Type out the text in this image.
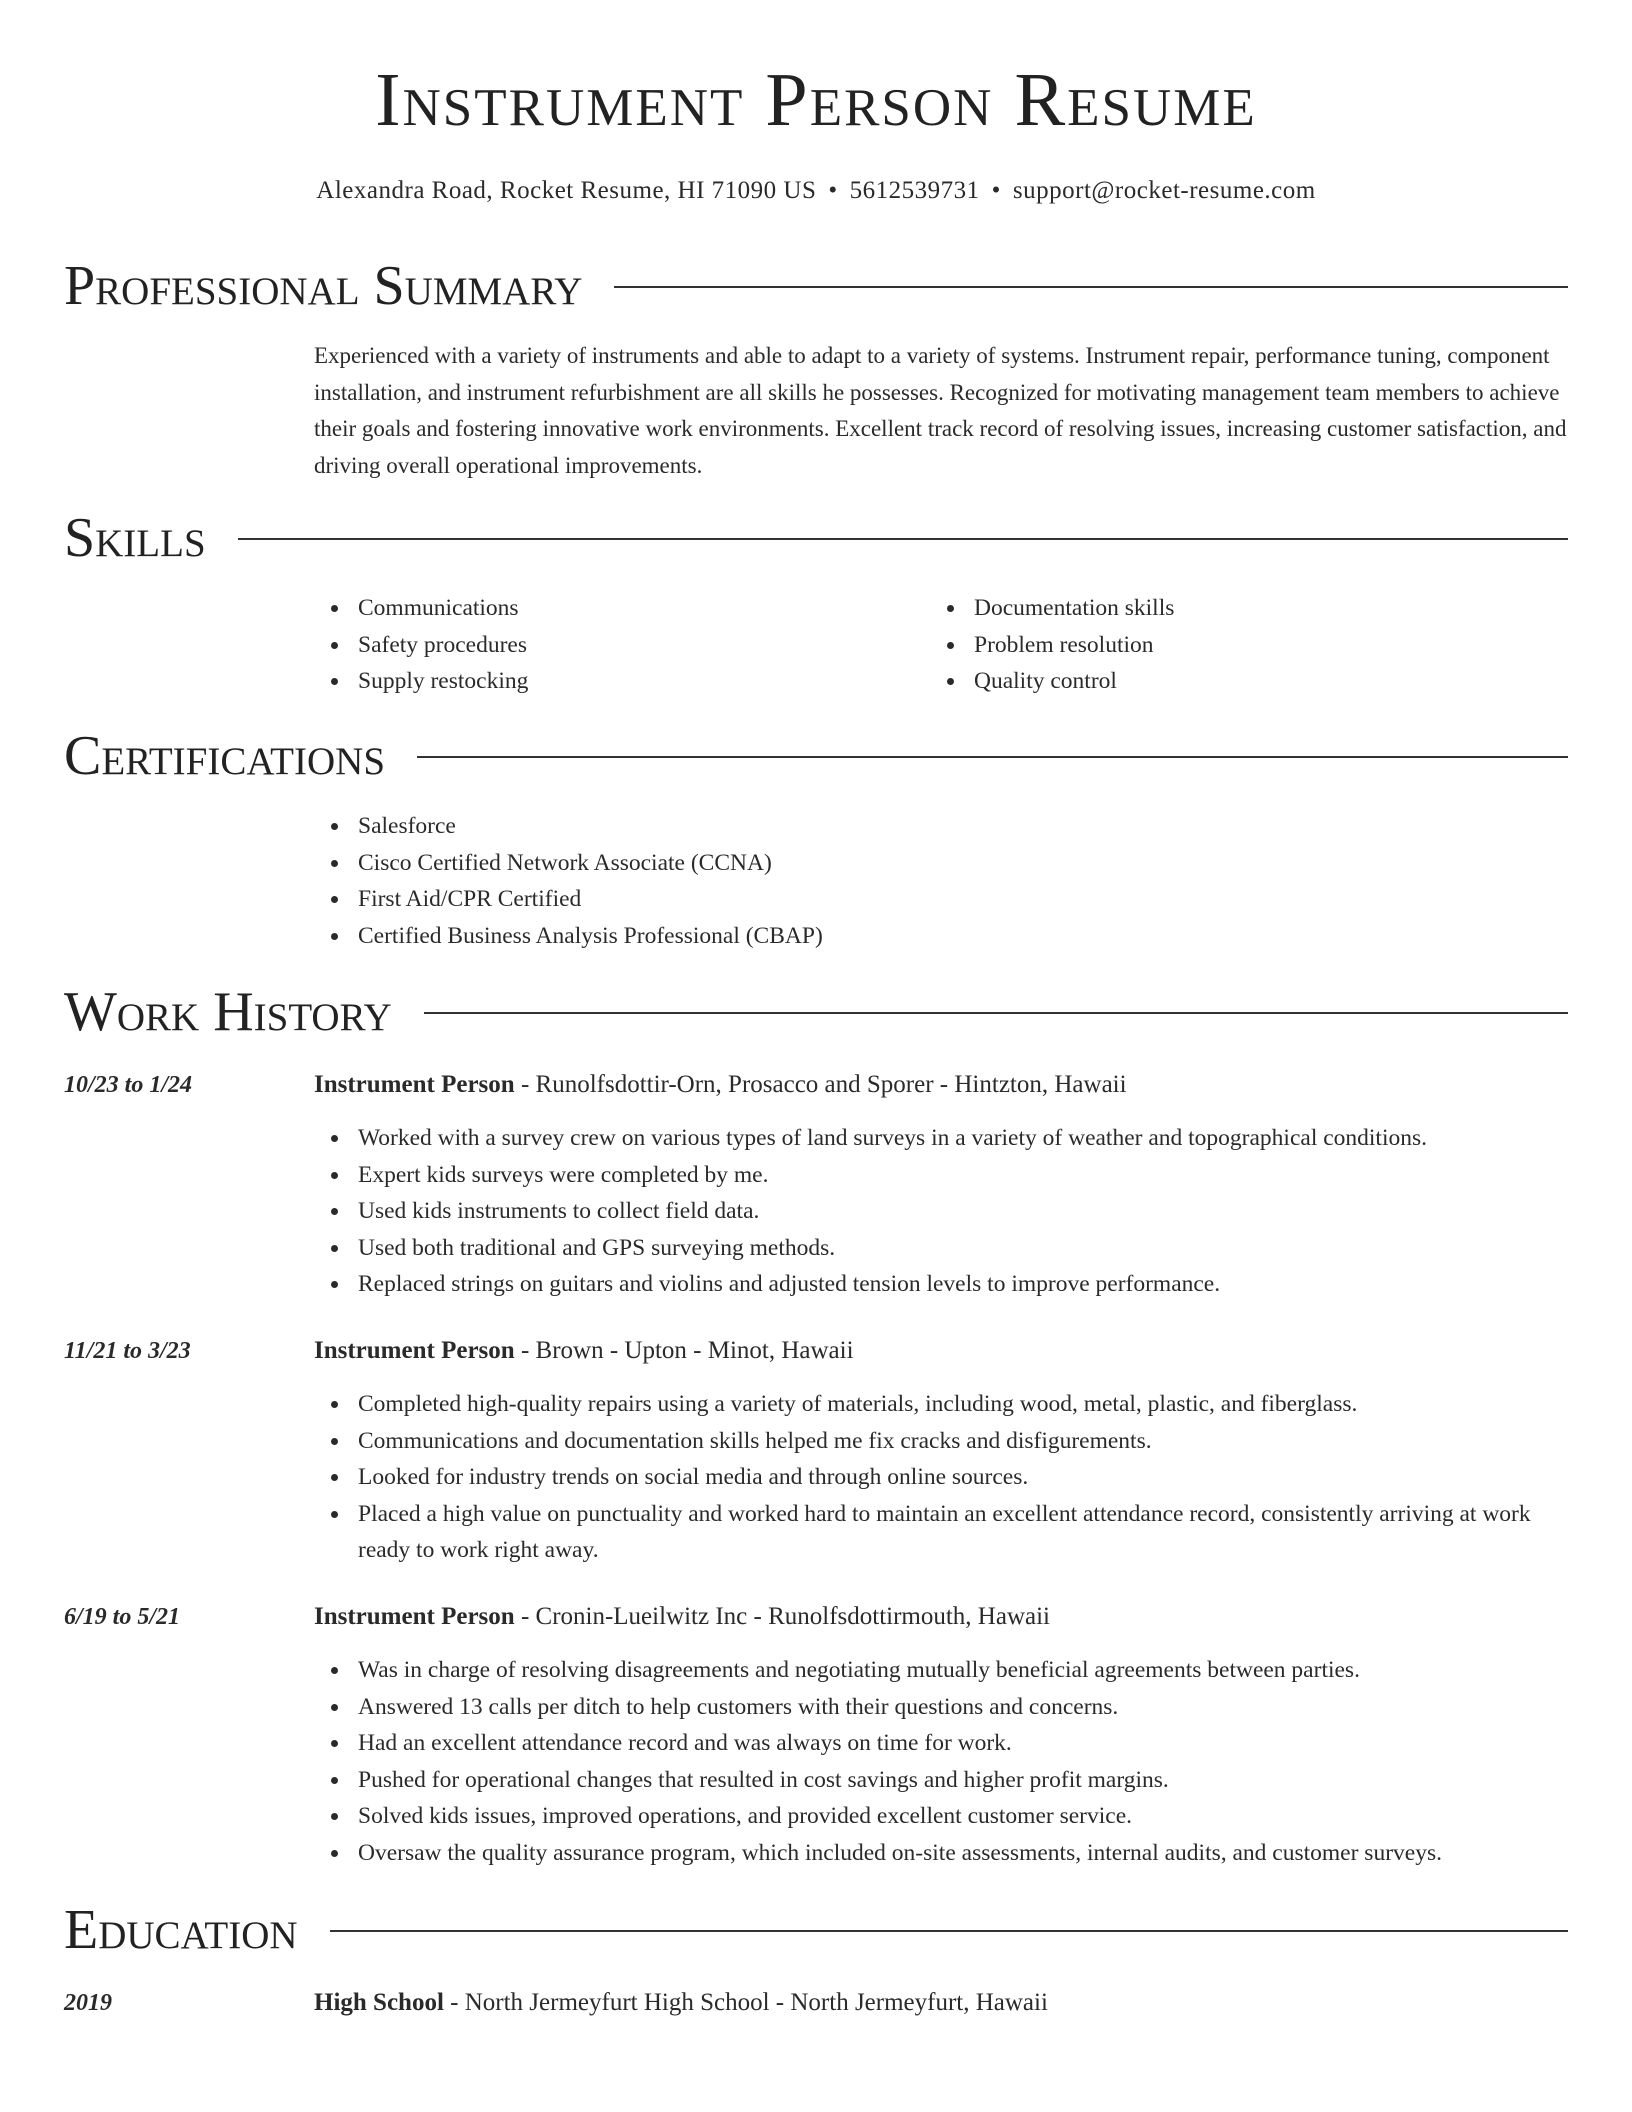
Instrument Person Resume
Alexandra Road, Rocket Resume, HI 71090 US • 5612539731 • support@rocket-resume.com
Professional Summary

Experienced with a variety of instruments and able to adapt to a variety of systems. Instrument repair, performance tuning, component installation, and instrument refurbishment are all skills he possesses. Recognized for motivating management team members to achieve their goals and fostering innovative work environments. Excellent track record of resolving issues, increasing customer satisfaction, and driving overall operational improvements.

Skills
Communications
Safety procedures
Supply restocking
Documentation skills
Problem resolution
Quality control
Certifications
Salesforce
Cisco Certified Network Associate (CCNA)
First Aid/CPR Certified
Certified Business Analysis Professional (CBAP)
Work History
10/23 to 1/24	Instrument Person - Runolfsdottir-Orn, Prosacco and Sporer - Hintzton, Hawaii
Worked with a survey crew on various types of land surveys in a variety of weather and topographical conditions.
Expert kids surveys were completed by me.
Used kids instruments to collect field data.
Used both traditional and GPS surveying methods.
Replaced strings on guitars and violins and adjusted tension levels to improve performance.
11/21 to 3/23	Instrument Person - Brown - Upton - Minot, Hawaii
Completed high-quality repairs using a variety of materials, including wood, metal, plastic, and fiberglass.
Communications and documentation skills helped me fix cracks and disfigurements.
Looked for industry trends on social media and through online sources.
Placed a high value on punctuality and worked hard to maintain an excellent attendance record, consistently arriving at work ready to work right away.
6/19 to 5/21	Instrument Person - Cronin-Lueilwitz Inc - Runolfsdottirmouth, Hawaii
Was in charge of resolving disagreements and negotiating mutually beneficial agreements between parties.
Answered 13 calls per ditch to help customers with their questions and concerns.
Had an excellent attendance record and was always on time for work.
Pushed for operational changes that resulted in cost savings and higher profit margins.
Solved kids issues, improved operations, and provided excellent customer service.
Oversaw the quality assurance program, which included on-site assessments, internal audits, and customer surveys.
Education
2019	High School - North Jermeyfurt High School - North Jermeyfurt, Hawaii
